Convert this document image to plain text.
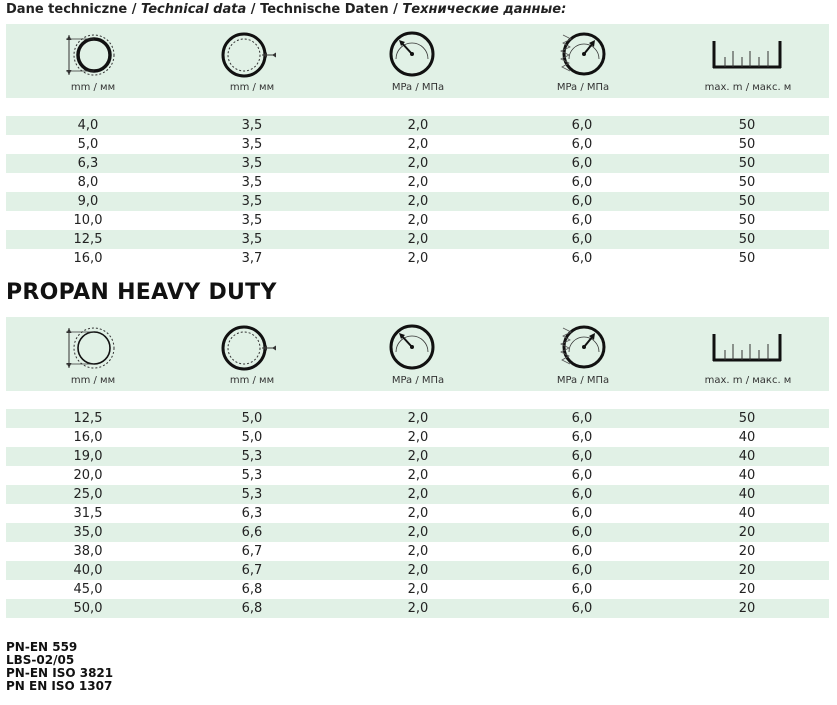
Dane techniczne / Technical data / Technische Daten / Технические данные:
mm / мм	mm / мм	MPa / МПа	MPa / МПа	max. m / макс. м
4,0	3,5	2,0	6,0	50
5,0	3,5	2,0	6,0	50
6,3	3,5	2,0	6,0	50
8,0	3,5	2,0	6,0	50
9,0	3,5	2,0	6,0	50
10,0	3,5	2,0	6,0	50
12,5	3,5	2,0	6,0	50
16,0	3,7	2,0	6,0	50
PROPAN HEAVY DUTY
mm / мм	mm / мм	MPa / МПа	MPa / МПа	max. m / макс. м
12,5	5,0	2,0	6,0	50
16,0	5,0	2,0	6,0	40
19,0	5,3	2,0	6,0	40
20,0	5,3	2,0	6,0	40
25,0	5,3	2,0	6,0	40
31,5	6,3	2,0	6,0	40
35,0	6,6	2,0	6,0	20
38,0	6,7	2,0	6,0	20
40,0	6,7	2,0	6,0	20
45,0	6,8	2,0	6,0	20
50,0	6,8	2,0	6,0	20
PN-EN 559
LBS-02/05
PN-EN ISO 3821
PN EN ISO 1307
